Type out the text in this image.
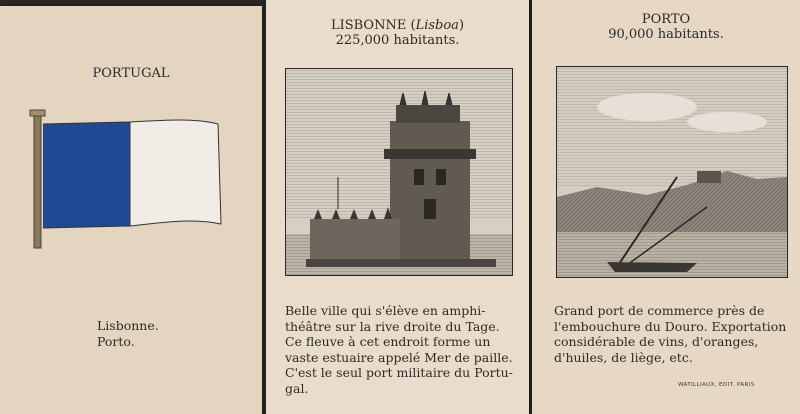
PORTUGAL
Lisbonne.
Porto.
LISBONNE (Lisboa)
225,000 habitants.
Belle ville qui s'élève en amphi-
théâtre sur la rive droite du Tage.
Ce fleuve à cet endroit forme un
vaste estuaire appelé Mer de paille.
C'est le seul port militaire du Portu-
gal.
PORTO
90,000 habitants.
Grand port de commerce près de
l'embouchure du Douro. Exportation
considérable de vins, d'oranges,
d'huiles, de liège, etc.
WATILLIAUX, EDIT. PARIS
